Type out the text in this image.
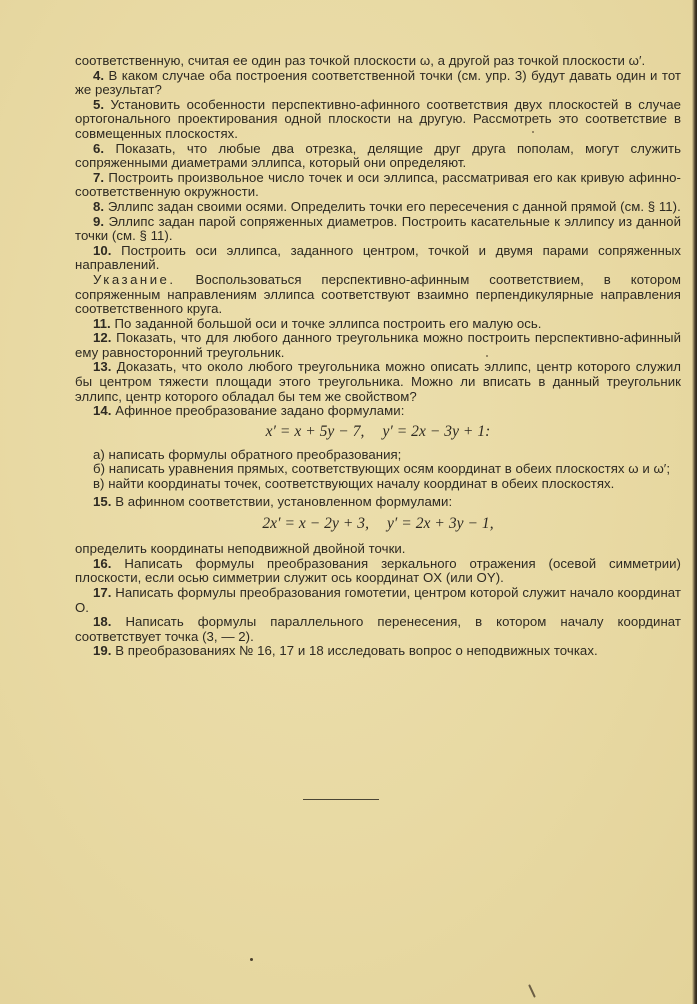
соответственную, считая ее один раз точкой плоскости ω, а другой раз точкой плоскости ω′.

4. В каком случае оба построения соответственной точки (см. упр. 3) будут давать один и тот же результат?

5. Установить особенности перспективно-афинного соответствия двух плоскостей в случае ортогонального проектирования одной плоскости на другую. Рассмотреть это соответствие в совмещенных плоскостях.

6. Показать, что любые два отрезка, делящие друг друга пополам, могут служить сопряженными диаметрами эллипса, который они определяют.

7. Построить произвольное число точек и оси эллипса, рассматривая его как кривую афинно-соответственную окружности.

8. Эллипс задан своими осями. Определить точки его пересечения с данной прямой (см. § 11).

9. Эллипс задан парой сопряженных диаметров. Построить касательные к эллипсу из данной точки (см. § 11).

10. Построить оси эллипса, заданного центром, точкой и двумя парами сопряженных направлений.

Указание. Воспользоваться перспективно-афинным соответствием, в котором сопряженным направлениям эллипса соответствуют взаимно перпендикулярные направления соответственного круга.

11. По заданной большой оси и точке эллипса построить его малую ось.

12. Показать, что для любого данного треугольника можно построить перспективно-афинный ему равносторонний треугольник.

13. Доказать, что около любого треугольника можно описать эллипс, центр которого служил бы центром тяжести площади этого треугольника. Можно ли вписать в данный треугольник эллипс, центр которого обладал бы тем же свойством?

14. Афинное преобразование задано формулами:

x′ = x + 5y − 7, y′ = 2x − 3y + 1:

а) написать формулы обратного преобразования;

б) написать уравнения прямых, соответствующих осям координат в обеих плоскостях ω и ω′;

в) найти координаты точек, соответствующих началу координат в обеих плоскостях.

15. В афинном соответствии, установленном формулами:

2x′ = x − 2y + 3, y′ = 2x + 3y − 1,

определить координаты неподвижной двойной точки.

16. Написать формулы преобразования зеркального отражения (осевой симметрии) плоскости, если осью симметрии служит ось координат OX (или OY).

17. Написать формулы преобразования гомотетии, центром которой служит начало координат O.

18. Написать формулы параллельного перенесения, в котором началу координат соответствует точка (3, — 2).

19. В преобразованиях № 16, 17 и 18 исследовать вопрос о неподвижных точках.
